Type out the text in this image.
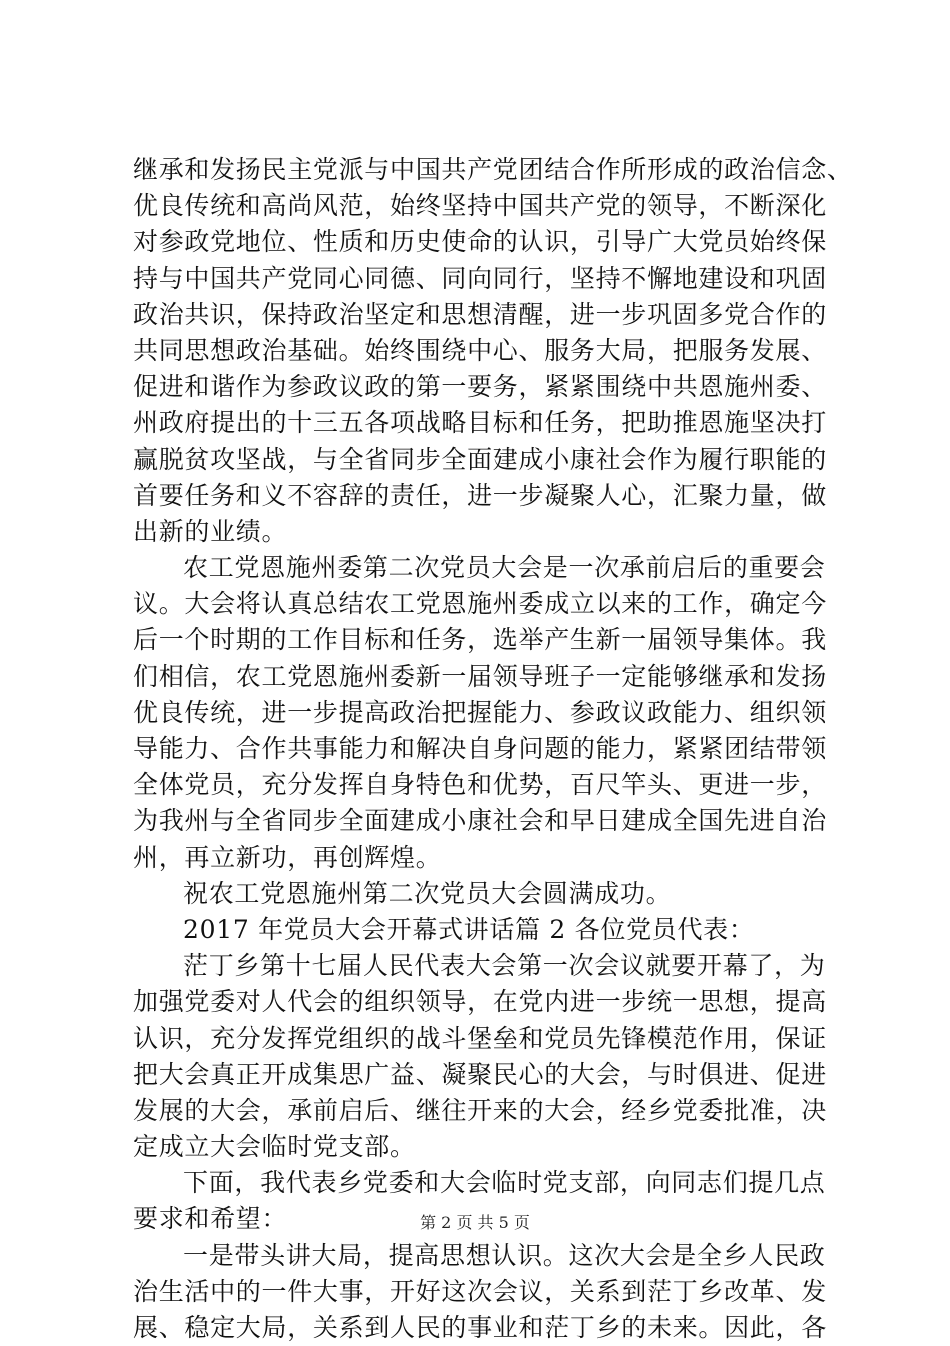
继承和发扬民主党派与中国共产党团结合作所形成的政治信念、
优良传统和高尚风范，始终坚持中国共产党的领导，不断深化
对参政党地位、性质和历史使命的认识，引导广大党员始终保
持与中国共产党同心同德、同向同行，坚持不懈地建设和巩固
政治共识，保持政治坚定和思想清醒，进一步巩固多党合作的
共同思想政治基础。始终围绕中心、服务大局，把服务发展、
促进和谐作为参政议政的第一要务，紧紧围绕中共恩施州委、
州政府提出的十三五各项战略目标和任务，把助推恩施坚决打
赢脱贫攻坚战，与全省同步全面建成小康社会作为履行职能的
首要任务和义不容辞的责任，进一步凝聚人心，汇聚力量，做
出新的业绩。
农工党恩施州委第二次党员大会是一次承前启后的重要会
议。大会将认真总结农工党恩施州委成立以来的工作，确定今
后一个时期的工作目标和任务，选举产生新一届领导集体。我
们相信，农工党恩施州委新一届领导班子一定能够继承和发扬
优良传统，进一步提高政治把握能力、参政议政能力、组织领
导能力、合作共事能力和解决自身问题的能力，紧紧团结带领
全体党员，充分发挥自身特色和优势，百尺竿头、更进一步，
为我州与全省同步全面建成小康社会和早日建成全国先进自治
州，再立新功，再创辉煌。
祝农工党恩施州第二次党员大会圆满成功。
2017 年党员大会开幕式讲话篇 2 各位党员代表：
茫丁乡第十七届人民代表大会第一次会议就要开幕了，为
加强党委对人代会的组织领导，在党内进一步统一思想，提高
认识，充分发挥党组织的战斗堡垒和党员先锋模范作用，保证
把大会真正开成集思广益、凝聚民心的大会，与时俱进、促进
发展的大会，承前启后、继往开来的大会，经乡党委批准，决
定成立大会临时党支部。
下面，我代表乡党委和大会临时党支部，向同志们提几点
要求和希望：
一是带头讲大局，提高思想认识。这次大会是全乡人民政
治生活中的一件大事，开好这次会议，关系到茫丁乡改革、发
展、稳定大局，关系到人民的事业和茫丁乡的未来。因此，各
第 2 页 共 5 页
